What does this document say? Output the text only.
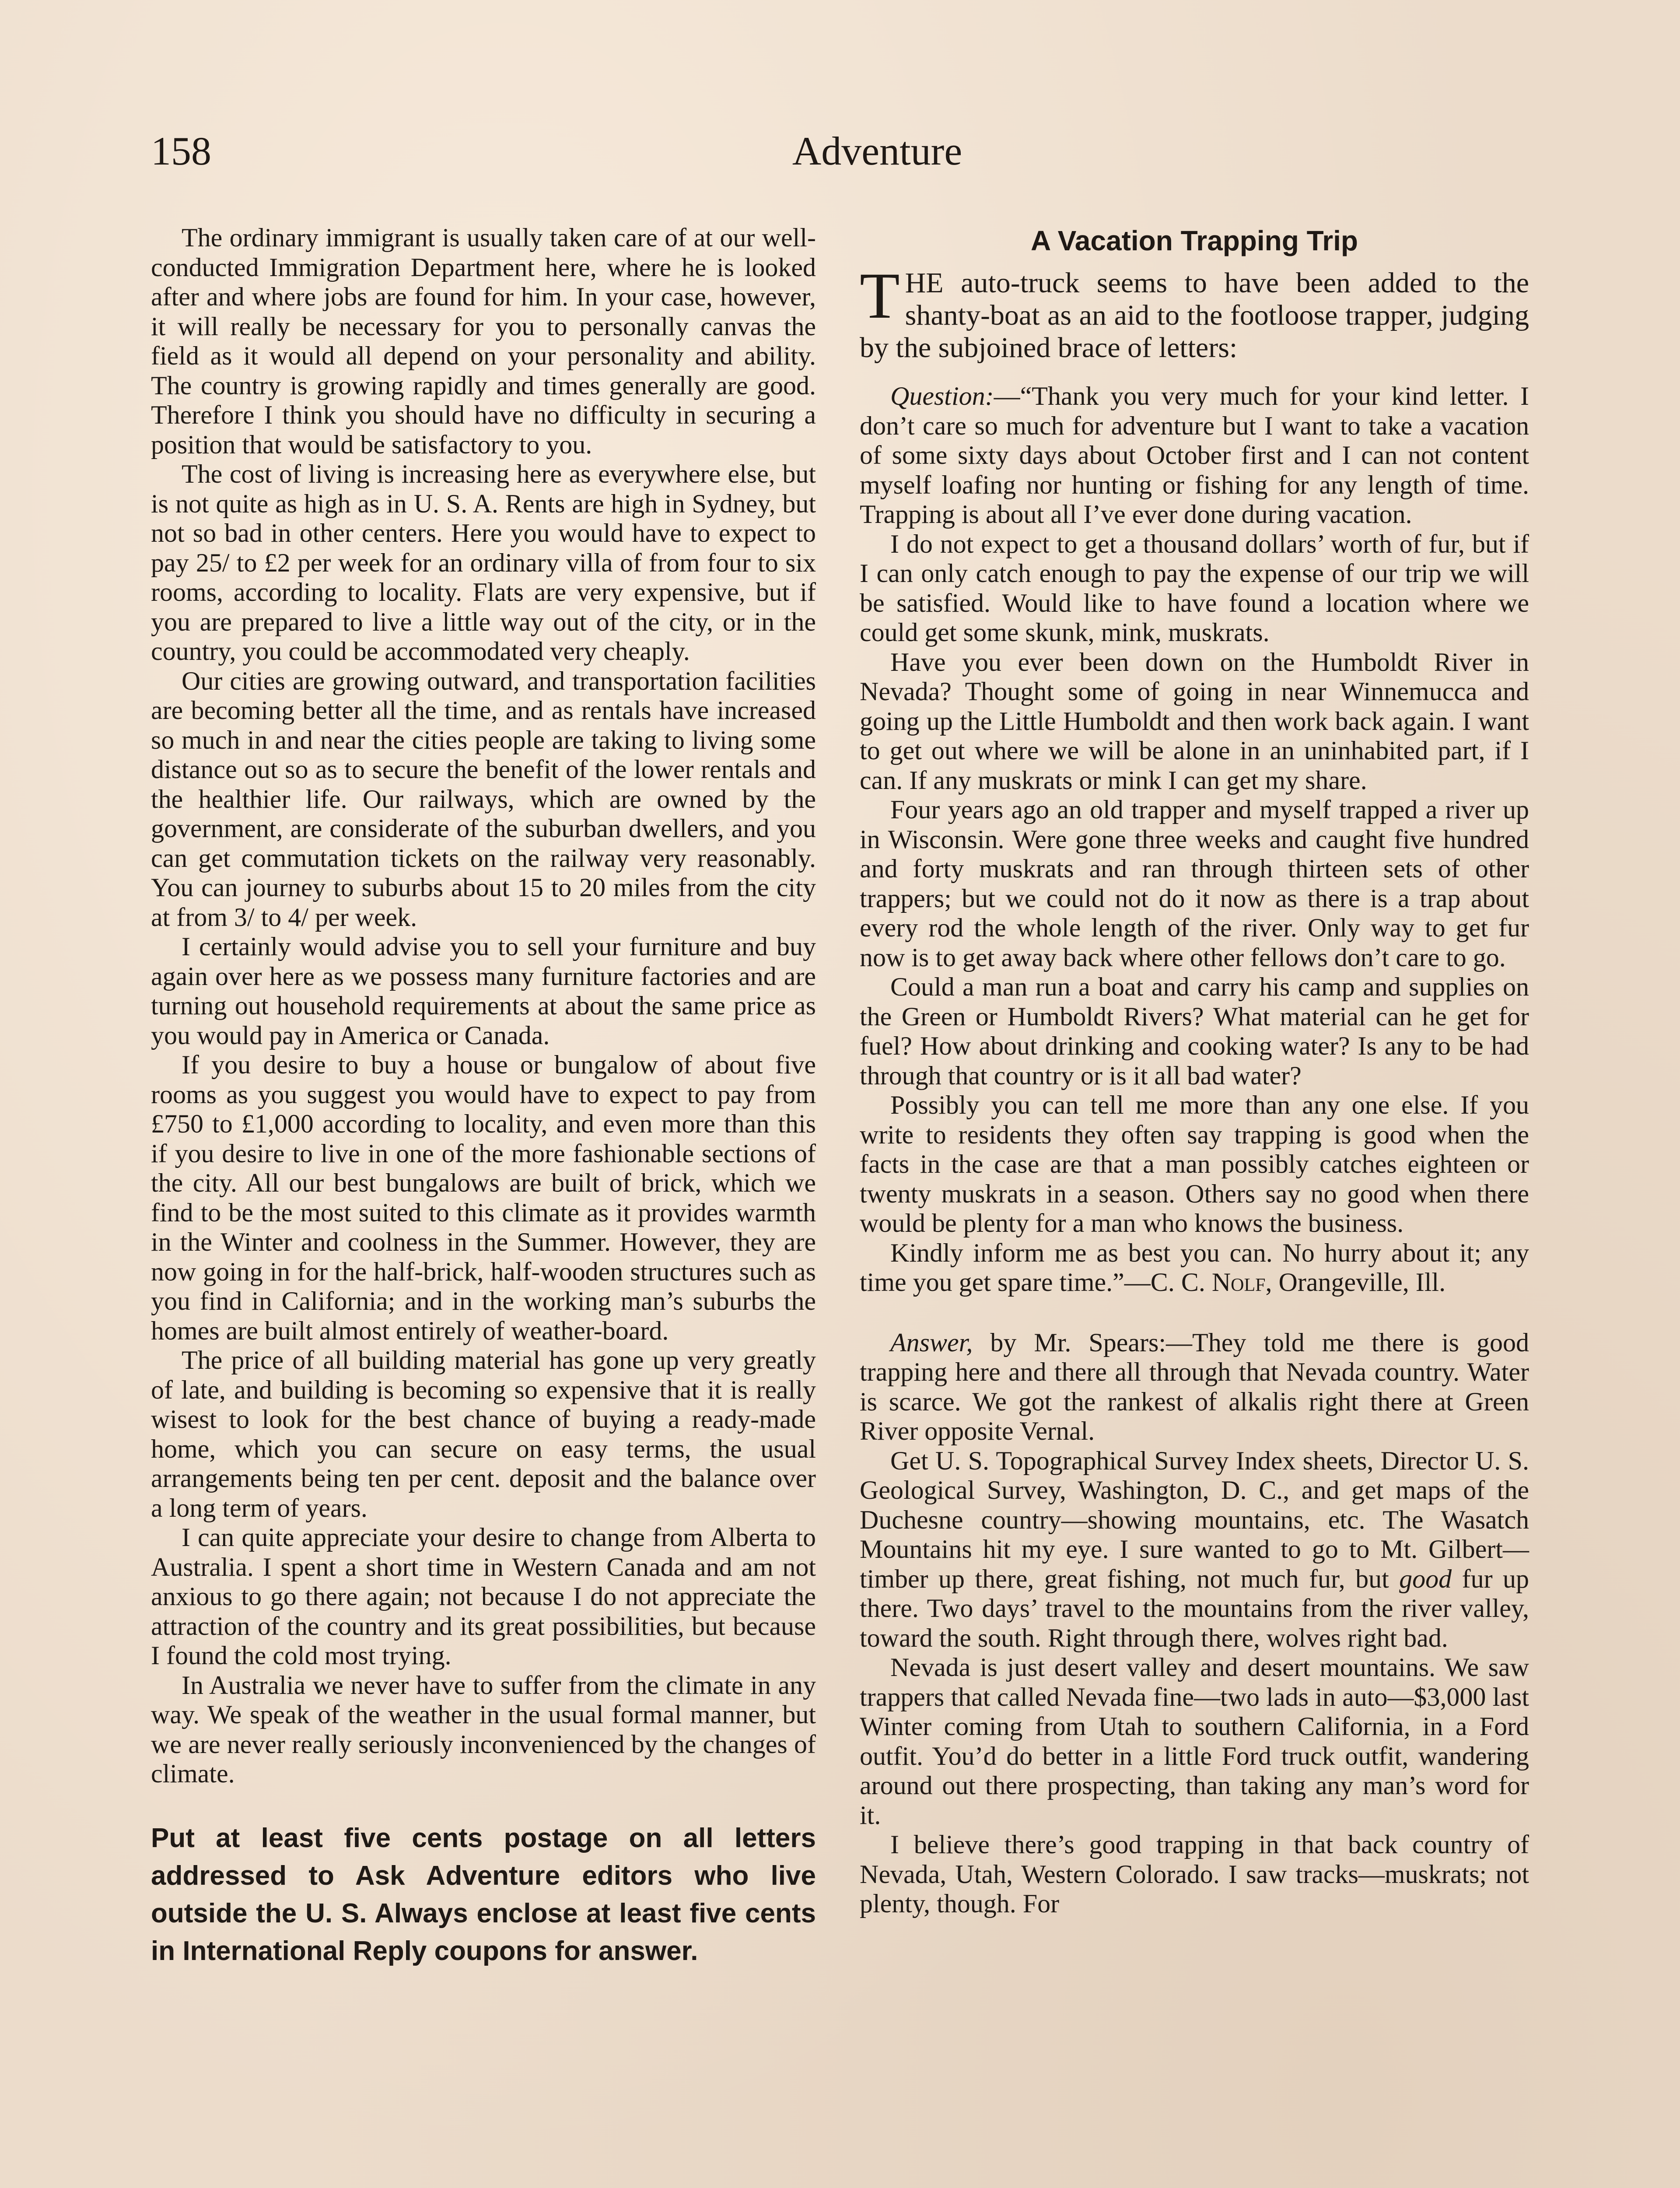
158	Adventure

The ordinary immigrant is usually taken care of at our well-conducted Immigration Department here, where he is looked after and where jobs are found for him. In your case, however, it will really be necessary for you to personally canvas the field as it would all depend on your personality and ability. The country is growing rapidly and times generally are good. Therefore I think you should have no difficulty in securing a position that would be satisfactory to you.

The cost of living is increasing here as everywhere else, but is not quite as high as in U. S. A. Rents are high in Sydney, but not so bad in other centers. Here you would have to expect to pay 25/ to £2 per week for an ordinary villa of from four to six rooms, according to locality. Flats are very expensive, but if you are prepared to live a little way out of the city, or in the country, you could be accommodated very cheaply.

Our cities are growing outward, and transportation facilities are becoming better all the time, and as rentals have increased so much in and near the cities people are taking to living some distance out so as to secure the benefit of the lower rentals and the healthier life. Our railways, which are owned by the government, are considerate of the suburban dwellers, and you can get commutation tickets on the railway very reasonably. You can journey to suburbs about 15 to 20 miles from the city at from 3/ to 4/ per week.

I certainly would advise you to sell your furniture and buy again over here as we possess many furniture factories and are turning out household requirements at about the same price as you would pay in America or Canada.

If you desire to buy a house or bungalow of about five rooms as you suggest you would have to expect to pay from £750 to £1,000 according to locality, and even more than this if you desire to live in one of the more fashionable sections of the city. All our best bungalows are built of brick, which we find to be the most suited to this climate as it provides warmth in the Winter and coolness in the Summer. However, they are now going in for the half-brick, half-wooden structures such as you find in California; and in the working man’s suburbs the homes are built almost entirely of weather-board.

The price of all building material has gone up very greatly of late, and building is becoming so expensive that it is really wisest to look for the best chance of buying a ready-made home, which you can secure on easy terms, the usual arrangements being ten per cent. deposit and the balance over a long term of years.

I can quite appreciate your desire to change from Alberta to Australia. I spent a short time in Western Canada and am not anxious to go there again; not because I do not appreciate the attraction of the country and its great possibilities, but because I found the cold most trying.

In Australia we never have to suffer from the climate in any way. We speak of the weather in the usual formal manner, but we are never really seriously inconvenienced by the changes of climate.

Put at least five cents postage on all letters addressed to Ask Adventure editors who live outside the U. S. Always enclose at least five cents in International Reply coupons for answer.

A Vacation Trapping Trip

THE auto-truck seems to have been added to the shanty-boat as an aid to the footloose trapper, judging by the subjoined brace of letters:

Question:—“Thank you very much for your kind letter. I don’t care so much for adventure but I want to take a vacation of some sixty days about October first and I can not content myself loafing nor hunting or fishing for any length of time. Trapping is about all I’ve ever done during vacation.

I do not expect to get a thousand dollars’ worth of fur, but if I can only catch enough to pay the expense of our trip we will be satisfied. Would like to have found a location where we could get some skunk, mink, muskrats.

Have you ever been down on the Humboldt River in Nevada? Thought some of going in near Winnemucca and going up the Little Humboldt and then work back again. I want to get out where we will be alone in an uninhabited part, if I can. If any muskrats or mink I can get my share.

Four years ago an old trapper and myself trapped a river up in Wisconsin. Were gone three weeks and caught five hundred and forty muskrats and ran through thirteen sets of other trappers; but we could not do it now as there is a trap about every rod the whole length of the river. Only way to get fur now is to get away back where other fellows don’t care to go.

Could a man run a boat and carry his camp and supplies on the Green or Humboldt Rivers? What material can he get for fuel? How about drinking and cooking water? Is any to be had through that country or is it all bad water?

Possibly you can tell me more than any one else. If you write to residents they often say trapping is good when the facts in the case are that a man possibly catches eighteen or twenty muskrats in a season. Others say no good when there would be plenty for a man who knows the business.

Kindly inform me as best you can. No hurry about it; any time you get spare time.”—C. C. Nolf, Orangeville, Ill.

Answer, by Mr. Spears:—They told me there is good trapping here and there all through that Nevada country. Water is scarce. We got the rankest of alkalis right there at Green River opposite Vernal.

Get U. S. Topographical Survey Index sheets, Director U. S. Geological Survey, Washington, D. C., and get maps of the Duchesne country—showing mountains, etc. The Wasatch Mountains hit my eye. I sure wanted to go to Mt. Gilbert—timber up there, great fishing, not much fur, but good fur up there. Two days’ travel to the mountains from the river valley, toward the south. Right through there, wolves right bad.

Nevada is just desert valley and desert mountains. We saw trappers that called Nevada fine—two lads in auto—$3,000 last Winter coming from Utah to southern California, in a Ford outfit. You’d do better in a little Ford truck outfit, wandering around out there prospecting, than taking any man’s word for it.

I believe there’s good trapping in that back country of Nevada, Utah, Western Colorado. I saw tracks—muskrats; not plenty, though. For
